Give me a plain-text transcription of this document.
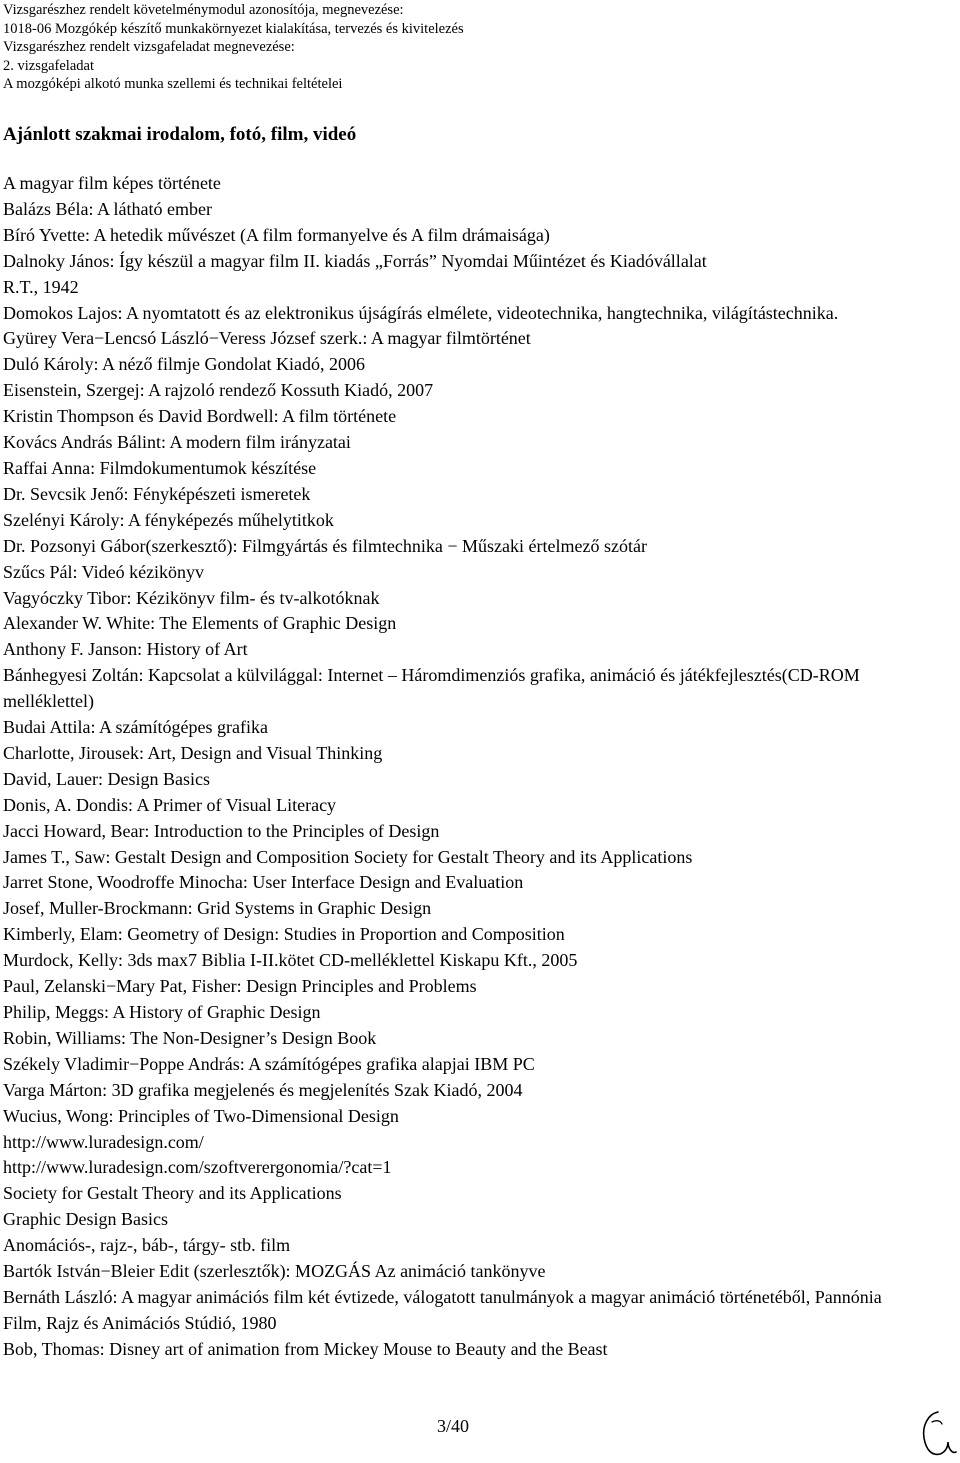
Vizsgarészhez rendelt követelménymodul azonosítója, megnevezése:
1018-06 Mozgókép készítő munkakörnyezet kialakítása, tervezés és kivitelezés
Vizsgarészhez rendelt vizsgafeladat megnevezése:
2. vizsgafeladat
A mozgóképi alkotó munka szellemi és technikai feltételei
Ajánlott szakmai irodalom, fotó, film, videó
A magyar film képes története
Balázs Béla: A látható ember
Bíró Yvette: A hetedik művészet (A film formanyelve és A film drámaisága)
Dalnoky János: Így készül a magyar film II. kiadás „Forrás” Nyomdai Műintézet és Kiadóvállalat
R.T., 1942
Domokos Lajos: A nyomtatott és az elektronikus újságírás elmélete, videotechnika, hangtechnika, világítástechnika.
Gyürey Vera−Lencsó László−Veress József szerk.: A magyar filmtörténet
Duló Károly: A néző filmje Gondolat Kiadó, 2006
Eisenstein, Szergej: A rajzoló rendező Kossuth Kiadó, 2007
Kristin Thompson és David Bordwell: A film története
Kovács András Bálint: A modern film irányzatai
Raffai Anna: Filmdokumentumok készítése
Dr. Sevcsik Jenő: Fényképészeti ismeretek
Szelényi Károly: A fényképezés műhelytitkok
Dr. Pozsonyi Gábor(szerkesztő): Filmgyártás és filmtechnika − Műszaki értelmező szótár
Szűcs Pál: Videó kézikönyv
Vagyóczky Tibor: Kézikönyv film- és tv-alkotóknak
Alexander W. White: The Elements of Graphic Design
Anthony F. Janson: History of Art
Bánhegyesi Zoltán: Kapcsolat a külvilággal: Internet – Háromdimenziós grafika, animáció és játékfejlesztés(CD-ROM melléklettel)
Budai Attila: A számítógépes grafika
Charlotte, Jirousek: Art, Design and Visual Thinking
David, Lauer: Design Basics
Donis, A. Dondis: A Primer of Visual Literacy
Jacci Howard, Bear: Introduction to the Principles of Design
James T., Saw: Gestalt Design and Composition Society for Gestalt Theory and its Applications
Jarret Stone, Woodroffe Minocha: User Interface Design and Evaluation
Josef, Muller-Brockmann: Grid Systems in Graphic Design
Kimberly, Elam: Geometry of Design: Studies in Proportion and Composition
Murdock, Kelly: 3ds max7 Biblia I-II.kötet CD-melléklettel Kiskapu Kft., 2005
Paul, Zelanski−Mary Pat, Fisher: Design Principles and Problems
Philip, Meggs: A History of Graphic Design
Robin, Williams: The Non-Designer’s Design Book
Székely Vladimir−Poppe András: A számítógépes grafika alapjai IBM PC
Varga Márton: 3D grafika megjelenés és megjelenítés Szak Kiadó, 2004
Wucius, Wong: Principles of Two-Dimensional Design
http://www.luradesign.com/
http://www.luradesign.com/szoftverergonomia/?cat=1
Society for Gestalt Theory and its Applications
Graphic Design Basics
Anomációs-, rajz-, báb-, tárgy- stb. film
Bartók István−Bleier Edit (szerlesztők): MOZGÁS Az animáció tankönyve
Bernáth László: A magyar animációs film két évtizede, válogatott tanulmányok a magyar animáció történetéből, Pannónia Film, Rajz és Animációs Stúdió, 1980
Bob, Thomas: Disney art of animation from Mickey Mouse to Beauty and the Beast
3/40
